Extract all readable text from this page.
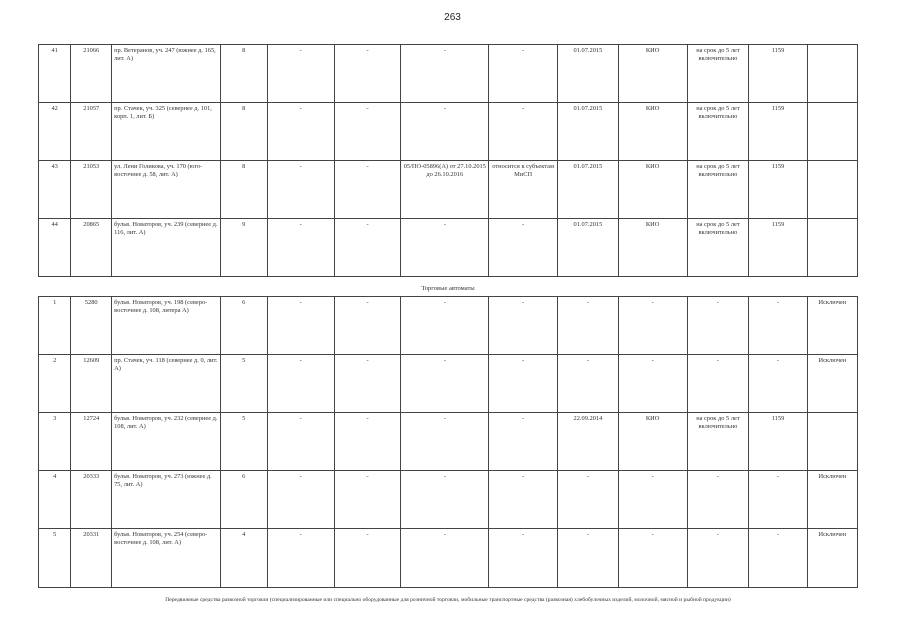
263
41	21066	пр. Ветеранов, уч. 247 (южнее д. 165, лит. А)	8	-	-	-	-	01.07.2015	КИО	на срок до 5 лет включительно	1159	
42	21057	пр. Стачек, уч. 325 (севернее д. 101, корп. 1, лит. Б)	8	-	-	-	-	01.07.2015	КИО	на срок до 5 лет включительно	1159	
43	21053	ул. Лени Голикова, уч. 170 (юго-восточнее д. 58, лит. А)	8	-	-	05/ПО-05896(А) от 27.10.2015 до 26.10.2016	относится к субъектам МиСП	01.07.2015	КИО	на срок до 5 лет включительно	1159	
44	20865	бульв. Новаторов, уч. 239 (севернее д. 116, лит. А)	9	-	-	-	-	01.07.2015	КИО	на срок до 5 лет включительно	1159	
Торговые автоматы
1	5280	бульв. Новаторов, уч. 198 (северо-восточнее д. 108, литера А)	6	-	-	-	-	-	-	-	-	Исключен
2	12609	пр. Стачек, уч. 118 (севернее д. 0, лит. А)	5	-	-	-	-	-	-	-	-	Исключен
3	12724	бульв. Новаторов, уч. 232 (севернее д. 108, лит. А)	5	-	-	-	-	22.09.2014	КИО	на срок до 5 лет включительно	1159	
4	20333	бульв. Новаторов, уч. 273 (южнее д. 75, лит. А)	6	-	-	-	-	-	-	-	-	Исключен
5	20331	бульв. Новаторов, уч. 254 (северо-восточнее д. 108, лит. А)	4	-	-	-	-	-	-	-	-	Исключен
Передвижные средства развозной торговли (специализированные или специально оборудованные для розничной торговли, мобильные транспортные средства (развозная) хлебобулочных изделий, молочной, мясной и рыбной продукции)
